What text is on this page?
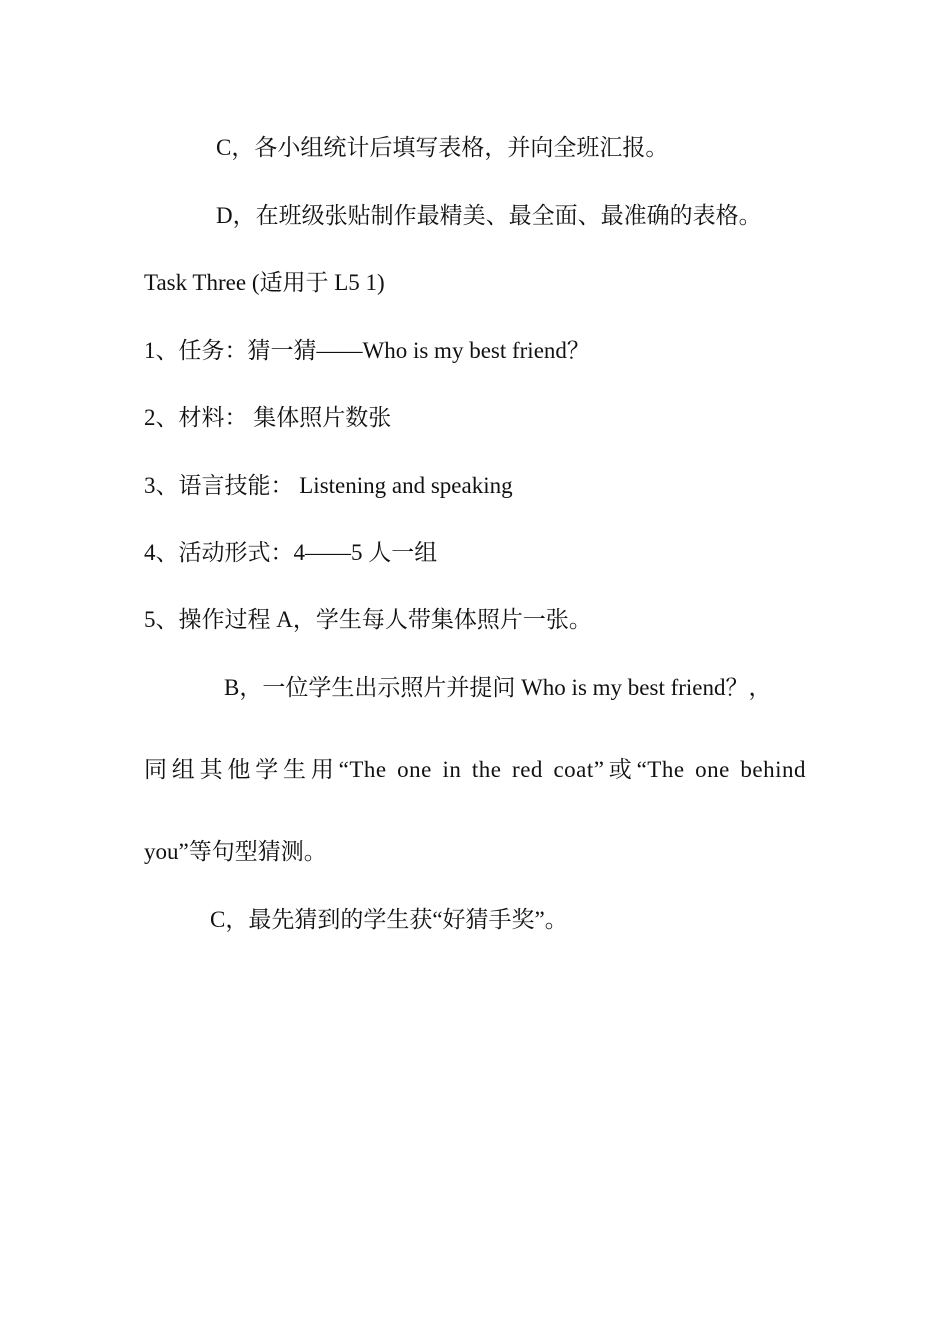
C，各小组统计后填写表格，并向全班汇报。
D，在班级张贴制作最精美、最全面、最准确的表格。
Task Three (适用于 L5 1)
1、任务：猜一猜——Who is my best friend？
2、材料： 集体照片数张
3、语言技能： Listening and speaking
4、活动形式：4——5 人一组
5、操作过程 A，学生每人带集体照片一张。
B，一位学生出示照片并提问 Who is my best friend？，
同组其他学生用“The one in the red coat”或“The one behind
you”等句型猜测。
C，最先猜到的学生获“好猜手奖”。
